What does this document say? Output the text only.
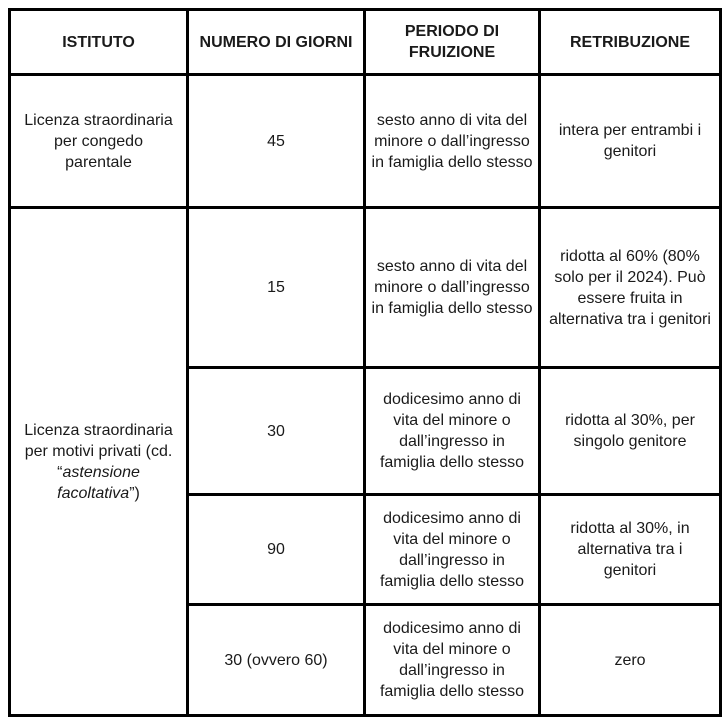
ISTITUTO	NUMERO DI GIORNI	PERIODO DI FRUIZIONE	RETRIBUZIONE
Licenza straordinaria per congedo parentale	45	sesto anno di vita del minore o dall’ingresso in famiglia dello stesso	intera per entrambi i genitori
Licenza straordinaria per motivi privati (cd. “astensione facoltativa”)	15	sesto anno di vita del minore o dall’ingresso in famiglia dello stesso	ridotta al 60% (80% solo per il 2024). Può essere fruita in alternativa tra i genitori
	30	dodicesimo anno di vita del minore o dall’ingresso in famiglia dello stesso	ridotta al 30%, per singolo genitore
	90	dodicesimo anno di vita del minore o dall’ingresso in famiglia dello stesso	ridotta al 30%, in alternativa tra i genitori
	30 (ovvero 60)	dodicesimo anno di vita del minore o dall’ingresso in famiglia dello stesso	zero
